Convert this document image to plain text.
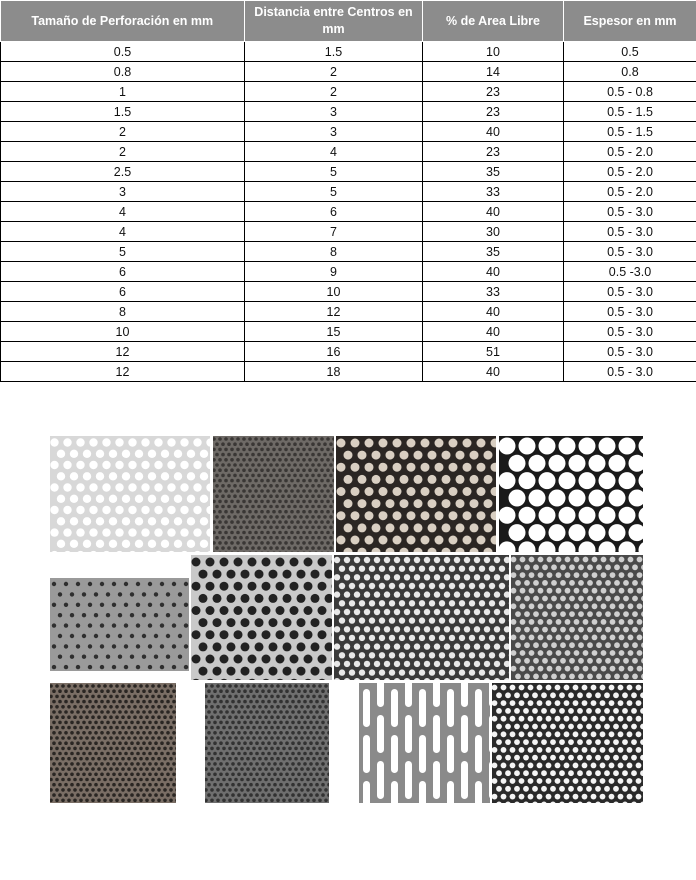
Tamaño de Perforación en mm	Distancia entre Centros en mm	% de Area Libre	Espesor en mm
0.5	1.5	10	0.5
0.8	2	14	0.8
1	2	23	0.5 - 0.8
1.5	3	23	0.5 - 1.5
2	3	40	0.5 - 1.5
2	4	23	0.5 - 2.0
2.5	5	35	0.5 - 2.0
3	5	33	0.5 - 2.0
4	6	40	0.5 - 3.0
4	7	30	0.5 - 3.0
5	8	35	0.5 - 3.0
6	9	40	0.5 -3.0
6	10	33	0.5 - 3.0
8	12	40	0.5 - 3.0
10	15	40	0.5 - 3.0
12	16	51	0.5 - 3.0
12	18	40	0.5 - 3.0
